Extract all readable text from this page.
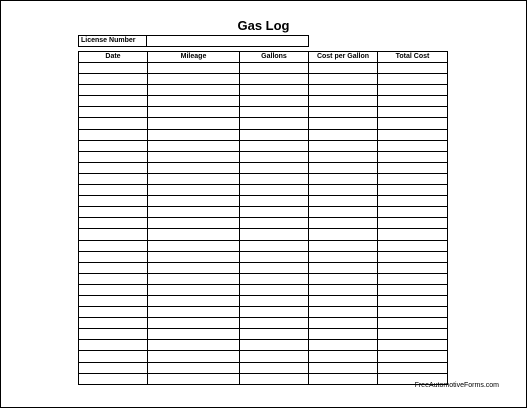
Gas Log
License Number	
Date	Mileage	Gallons	Cost per Gallon	Total Cost

FreeAutomotiveForms.com
